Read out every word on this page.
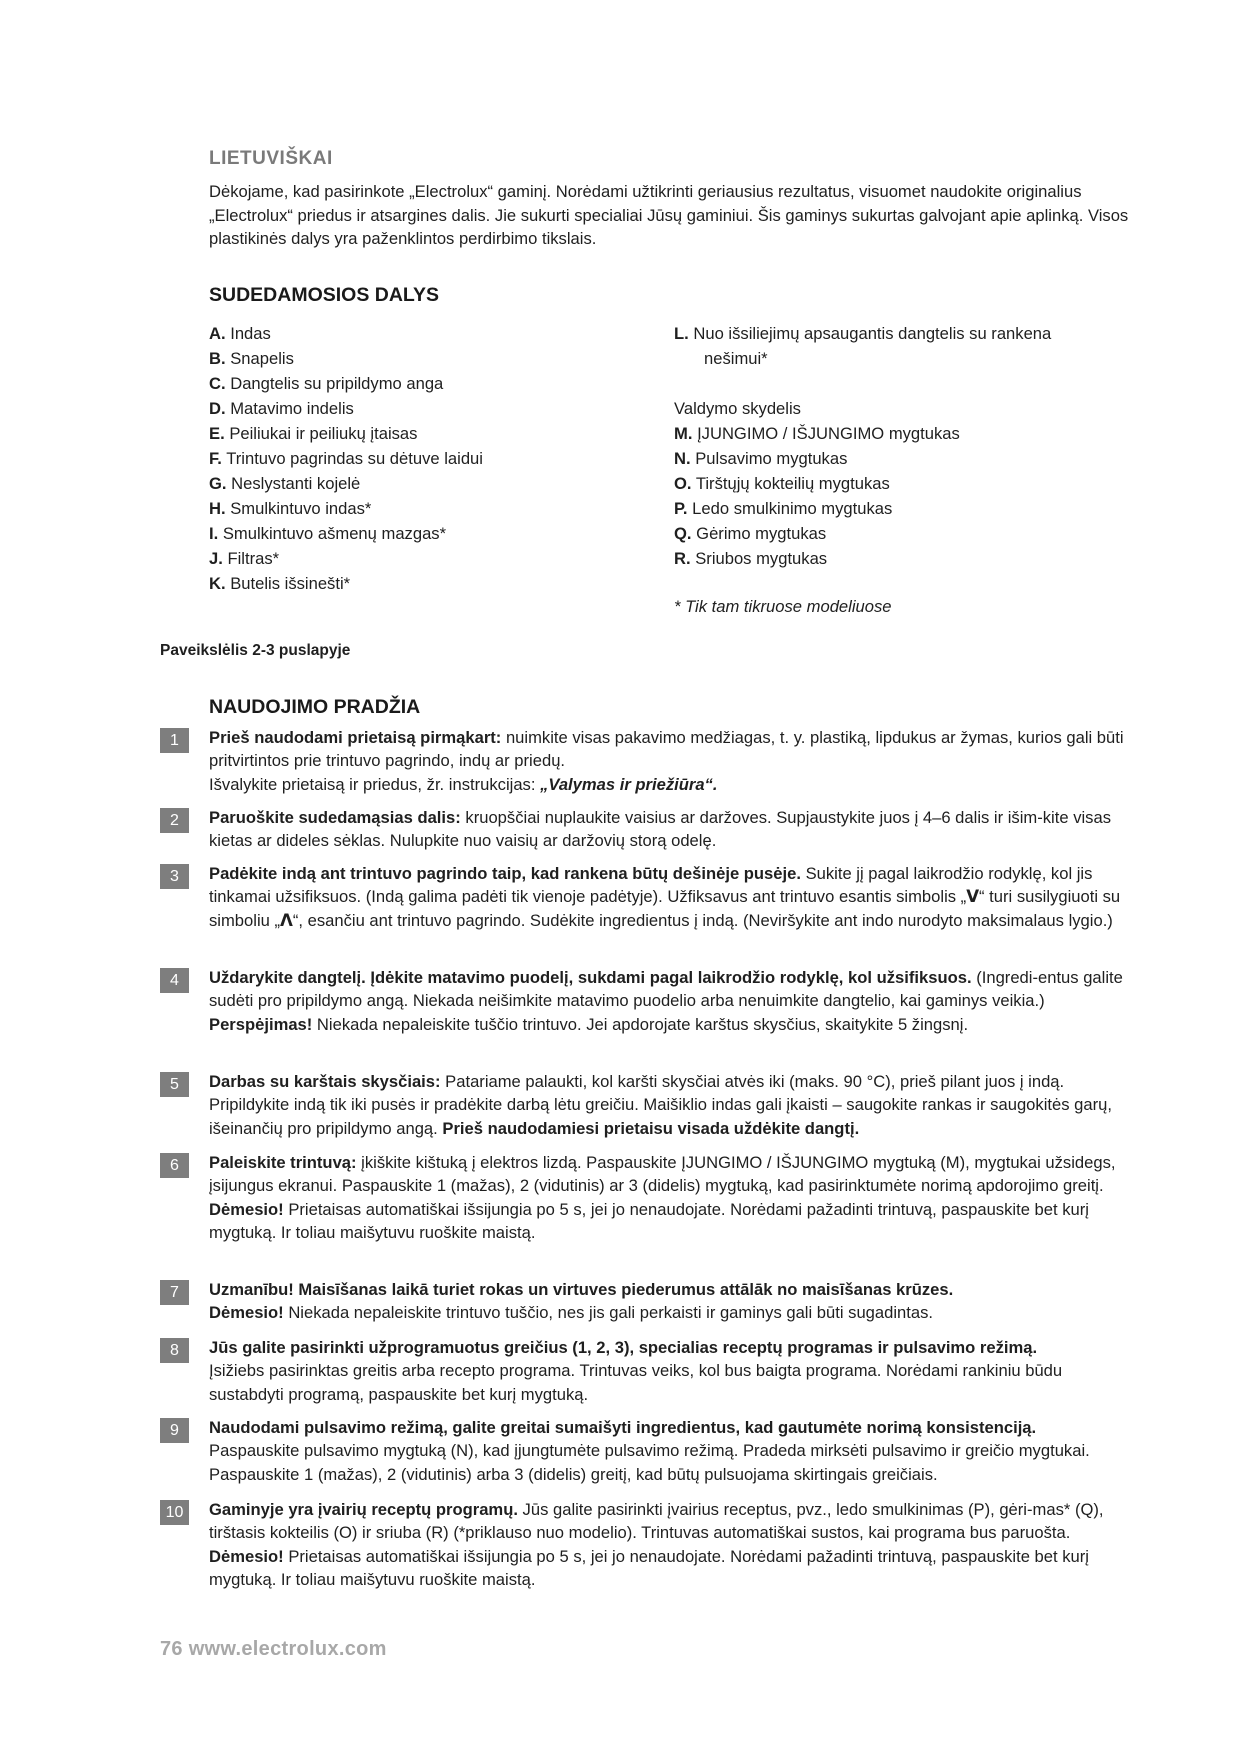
LIETUVIŠKAI

Dėkojame, kad pasirinkote „Electrolux“ gaminį. Norėdami užtikrinti geriausius rezultatus, visuomet naudokite originalius „Electrolux“ priedus ir atsargines dalis. Jie sukurti specialiai Jūsų gaminiui. Šis gaminys sukurtas galvojant apie aplinką. Visos plastikinės dalys yra paženklintos perdirbimo tikslais.

SUDEDAMOSIOS DALYS

A. Indas

B. Snapelis

C. Dangtelis su pripildymo anga

D. Matavimo indelis

E. Peiliukai ir peiliukų įtaisas

F. Trintuvo pagrindas su dėtuve laidui

G. Neslystanti kojelė

H. Smulkintuvo indas*

I. Smulkintuvo ašmenų mazgas*

J. Filtras*

K. Butelis išsinešti*

L. Nuo išsiliejimų apsaugantis dangtelis su rankena

nešimui*

Valdymo skydelis

M. ĮJUNGIMO / IŠJUNGIMO mygtukas

N. Pulsavimo mygtukas

O. Tirštųjų kokteilių mygtukas

P. Ledo smulkinimo mygtukas

Q. Gėrimo mygtukas

R. Sriubos mygtukas

* Tik tam tikruose modeliuose

Paveikslėlis 2-3 puslapyje
NAUDOJIMO PRADŽIA
1	Prieš naudodami prietaisą pirmąkart: nuimkite visas pakavimo medžiagas, t. y. plastiką, lipdukus ar žymas, kurios gali būti pritvirtintos prie trintuvo pagrindo, indų ar priedų.

Išvalykite prietaisą ir priedus, žr. instrukcijas: „Valymas ir priežiūra“.

2	Paruoškite sudedamąsias dalis: kruopščiai nuplaukite vaisius ar daržoves. Supjaustykite juos į 4–6 dalis ir išim-kite visas kietas ar dideles sėklas. Nulupkite nuo vaisių ar daržovių storą odelę.

3	Padėkite indą ant trintuvo pagrindo taip, kad rankena būtų dešinėje pusėje. Sukite jį pagal laikrodžio rodyklę, kol jis tinkamai užsifiksuos. (Indą galima padėti tik vienoje padėtyje). Užfiksavus ant trintuvo esantis simbolis „V“ turi susilygiuoti su simboliu „Λ“, esančiu ant trintuvo pagrindo. Sudėkite ingredientus į indą. (Neviršykite ant indo nurodyto maksimalaus lygio.)

4	Uždarykite dangtelį. Įdėkite matavimo puodelį, sukdami pagal laikrodžio rodyklę, kol užsifiksuos. (Ingredi-entus galite sudėti pro pripildymo angą. Niekada neišimkite matavimo puodelio arba nenuimkite dangtelio, kai gaminys veikia.)

Perspėjimas! Niekada nepaleiskite tuščio trintuvo. Jei apdorojate karštus skysčius, skaitykite 5 žingsnį.

5	Darbas su karštais skysčiais: Patariame palaukti, kol karšti skysčiai atvės iki (maks. 90 °C), prieš pilant juos į indą. Pripildykite indą tik iki pusės ir pradėkite darbą lėtu greičiu. Maišiklio indas gali įkaisti – saugokite rankas ir saugokitės garų, išeinančių pro pripildymo angą. Prieš naudodamiesi prietaisu visada uždėkite dangtį.

6	Paleiskite trintuvą: įkiškite kištuką į elektros lizdą. Paspauskite ĮJUNGIMO / IŠJUNGIMO mygtuką (M), mygtukai užsidegs, įsijungus ekranui. Paspauskite 1 (mažas), 2 (vidutinis) ar 3 (didelis) mygtuką, kad pasirinktumėte norimą apdorojimo greitį.

Dėmesio! Prietaisas automatiškai išsijungia po 5 s, jei jo nenaudojate. Norėdami pažadinti trintuvą, paspauskite bet kurį mygtuką. Ir toliau maišytuvu ruoškite maistą.

7	Uzmanību! Maisīšanas laikā turiet rokas un virtuves piederumus attālāk no maisīšanas krūzes.

Dėmesio! Niekada nepaleiskite trintuvo tuščio, nes jis gali perkaisti ir gaminys gali būti sugadintas.

8	Jūs galite pasirinkti užprogramuotus greičius (1, 2, 3), specialias receptų programas ir pulsavimo režimą.

Įsižiebs pasirinktas greitis arba recepto programa. Trintuvas veiks, kol bus baigta programa. Norėdami rankiniu būdu sustabdyti programą, paspauskite bet kurį mygtuką.

9	Naudodami pulsavimo režimą, galite greitai sumaišyti ingredientus, kad gautumėte norimą konsistenciją.

Paspauskite pulsavimo mygtuką (N), kad įjungtumėte pulsavimo režimą. Pradeda mirksėti pulsavimo ir greičio mygtukai. Paspauskite 1 (mažas), 2 (vidutinis) arba 3 (didelis) greitį, kad būtų pulsuojama skirtingais greičiais.

10	Gaminyje yra įvairių receptų programų. Jūs galite pasirinkti įvairius receptus, pvz., ledo smulkinimas (P), gėri-mas* (Q), tirštasis kokteilis (O) ir sriuba (R) (*priklauso nuo modelio). Trintuvas automatiškai sustos, kai programa bus paruošta.

Dėmesio! Prietaisas automatiškai išsijungia po 5 s, jei jo nenaudojate. Norėdami pažadinti trintuvą, paspauskite bet kurį mygtuką. Ir toliau maišytuvu ruoškite maistą.

76 www.electrolux.com
